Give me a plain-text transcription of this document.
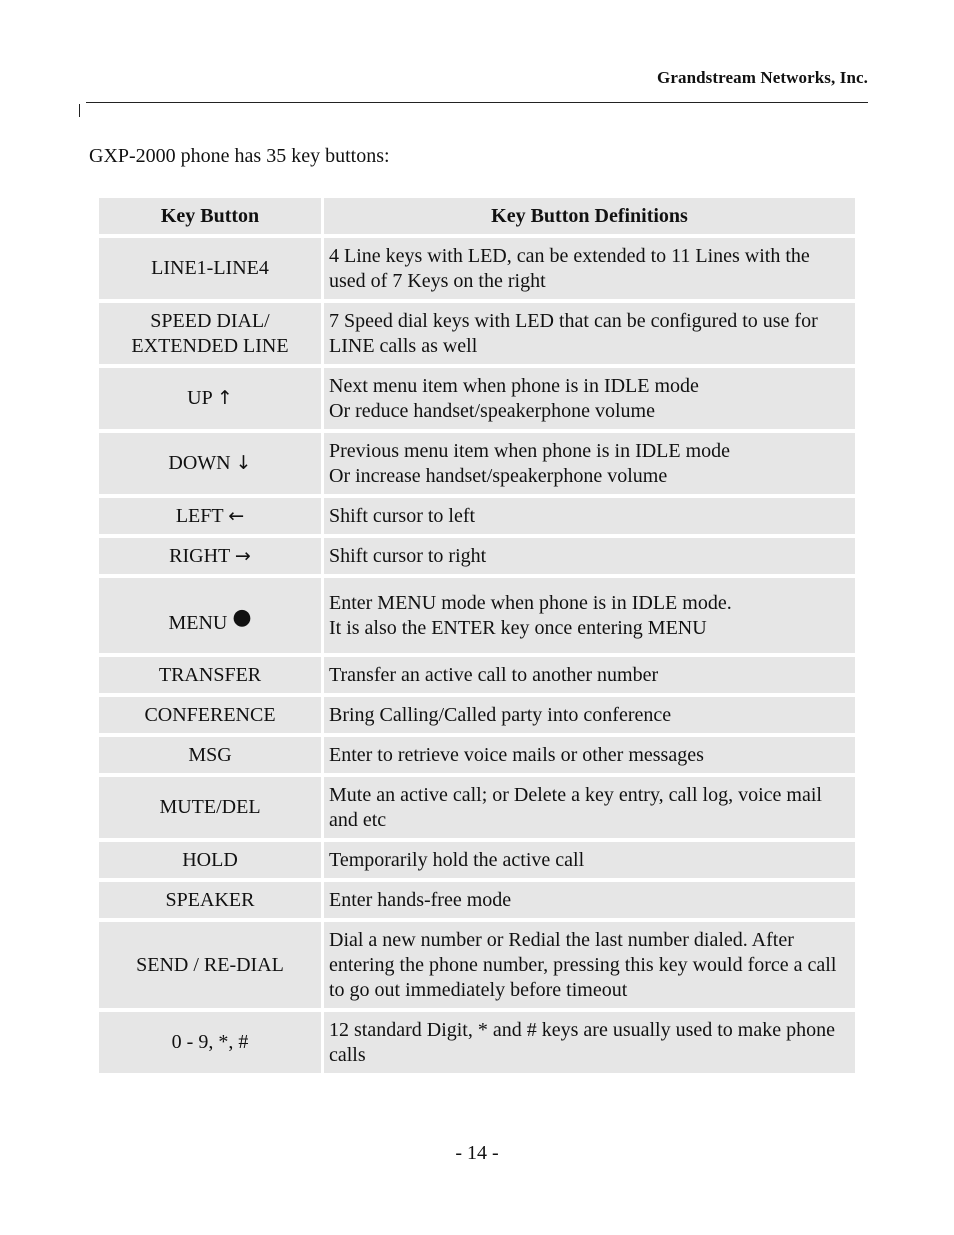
Grandstream Networks, Inc.
GXP-2000 phone has 35 key buttons:
Key Button	Key Button Definitions
LINE1-LINE4	4 Line keys with LED, can be extended to 11 Lines with the used of 7 Keys on the right
SPEED DIAL/
EXTENDED LINE	7 Speed dial keys with LED that can be configured to use for LINE calls as well
UP ↑	Next menu item when phone is in IDLE mode
Or reduce handset/speakerphone volume
DOWN ↓	Previous menu item when phone is in IDLE mode
Or increase handset/speakerphone volume
LEFT ←	Shift cursor to left
RIGHT →	Shift cursor to right
MENU ●	Enter MENU mode when phone is in IDLE mode.
It is also the ENTER key once entering MENU
TRANSFER	Transfer an active call to another number
CONFERENCE	Bring Calling/Called party into conference
MSG	Enter to retrieve voice mails or other messages
MUTE/DEL	Mute an active call; or Delete a key entry, call log, voice mail and etc
HOLD	Temporarily hold the active call
SPEAKER	Enter hands-free mode
SEND / RE-DIAL	Dial a new number or Redial the last number dialed. After entering the phone number, pressing this key would force a call to go out immediately before timeout
0 - 9, *, #	12 standard Digit, * and # keys are usually used to make phone calls
- 14 -
